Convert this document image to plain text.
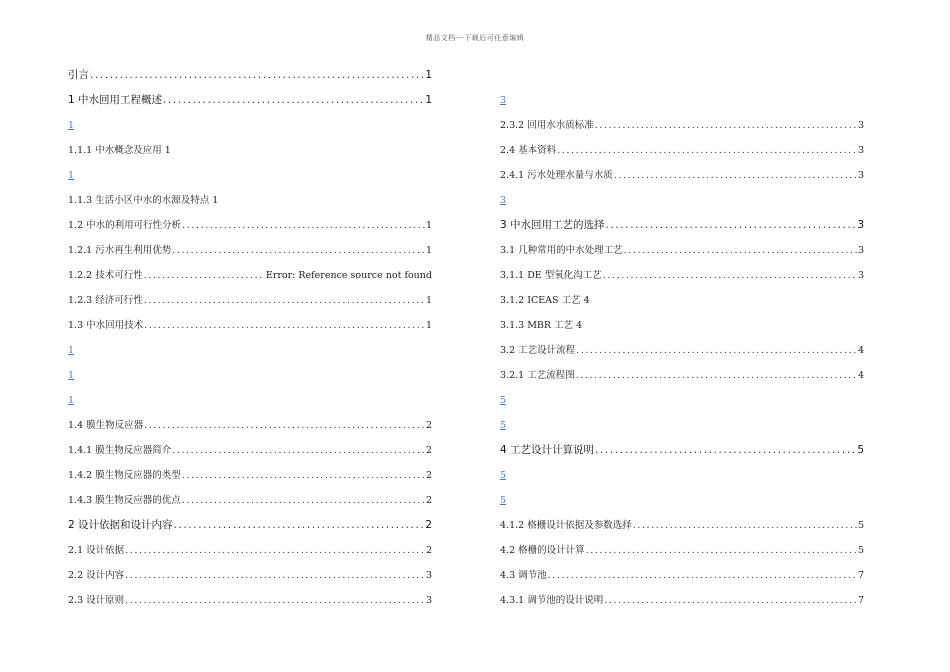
精品文档---下载后可任意编辑
引言 .....	1
1 中水回用工程概述 .....	1
1
1.1.1 中水概念及应用 1
1
1.1.3 生活小区中水的水源及特点 1
1.2 中水的利用可行性分析 .....	1
1.2.1 污水再生利用优势 .....	1
1.2.2 技术可行性 .....	Error: Reference source not found
1.2.3 经济可行性 .....	1
1.3 中水回用技术 .....	1
1
1
1
1.4 膜生物反应器 .....	2
1.4.1 膜生物反应器简介 .....	2
1.4.2 膜生物反应器的类型 .....	2
1.4.3 膜生物反应器的优点 .....	2
2 设计依据和设计内容 .....	2
2.1 设计依据 .....	2
2.2 设计内容 .....	3
2.3 设计原则 .....	3
3
2.3.2 回用水水质标准 .....	3
2.4 基本资料 .....	3
2.4.1 污水处理水量与水质 .....	3
3
3 中水回用工艺的选择 .....	3
3.1 几种常用的中水处理工艺 .....	3
3.1.1 DE 型氧化沟工艺 .....	3
3.1.2 ICEAS 工艺 4
3.1.3 MBR 工艺 4
3.2 工艺设计流程 .....	4
3.2.1 工艺流程图 .....	4
5
5
4 工艺设计计算说明 .....	5
5
5
4.1.2 格栅设计依据及参数选择 .....	5
4.2 格栅的设计计算 .....	5
4.3 调节池 .....	7
4.3.1 调节池的设计说明 .....	7
